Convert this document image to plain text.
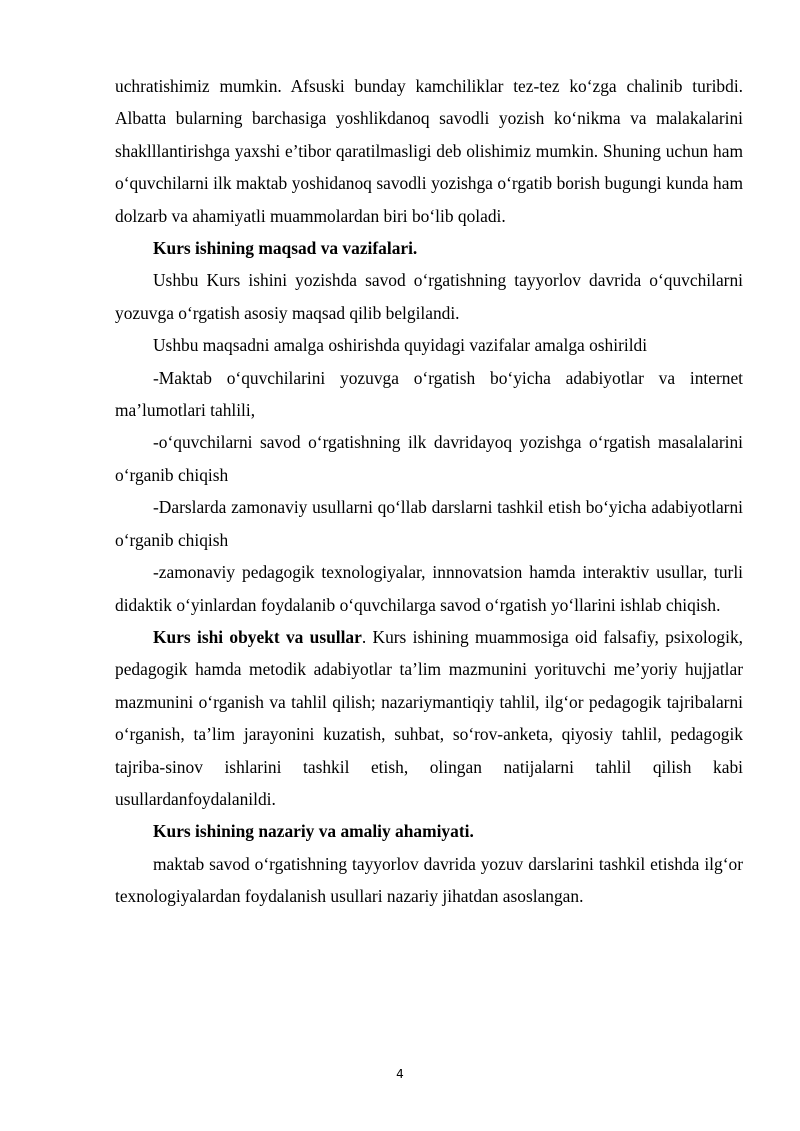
uchratishimiz mumkin. Afsuski bunday kamchiliklar tez-tez ko‘zga chalinib turibdi. Albatta bularning barchasiga yoshlikdanoq savodli yozish ko‘nikma va malakalarini shaklllantirishga yaxshi e’tibor qaratilmasligi deb olishimiz mumkin. Shuning uchun ham o‘quvchilarni ilk maktab yoshidanoq savodli yozishga o‘rgatib borish bugungi kunda ham dolzarb va ahamiyatli muammolardan biri bo‘lib qoladi.

Kurs ishining maqsad va vazifalari.

Ushbu Kurs ishini yozishda savod o‘rgatishning tayyorlov davrida o‘quvchilarni yozuvga o‘rgatish asosiy maqsad qilib belgilandi.

Ushbu maqsadni amalga oshirishda quyidagi vazifalar amalga oshirildi

-Maktab o‘quvchilarini yozuvga o‘rgatish bo‘yicha adabiyotlar va internet ma’lumotlari tahlili,

-o‘quvchilarni savod o‘rgatishning ilk davridayoq yozishga o‘rgatish masalalarini o‘rganib chiqish

-Darslarda zamonaviy usullarni qo‘llab darslarni tashkil etish bo‘yicha adabiyotlarni o‘rganib chiqish

-zamonaviy pedagogik texnologiyalar, innnovatsion hamda interaktiv usullar, turli didaktik o‘yinlardan foydalanib o‘quvchilarga savod o‘rgatish yo‘llarini ishlab chiqish.

Kurs ishi obyekt va usullar. Kurs ishining muammosiga oid falsafiy, psixologik, pedagogik hamda metodik adabiyotlar ta’lim mazmunini yorituvchi me’yoriy hujjatlar mazmunini o‘rganish va tahlil qilish; nazariymantiqiy tahlil, ilg‘or pedagogik tajribalarni o‘rganish, ta’lim jarayonini kuzatish, suhbat, so‘rov-anketa, qiyosiy tahlil, pedagogik tajriba-sinov ishlarini tashkil etish, olingan natijalarni tahlil qilish kabi usullardanfoydalanildi.

Kurs ishining nazariy va amaliy ahamiyati.

maktab savod o‘rgatishning tayyorlov davrida yozuv darslarini tashkil etishda ilg‘or texnologiyalardan foydalanish usullari nazariy jihatdan asoslangan.

4
